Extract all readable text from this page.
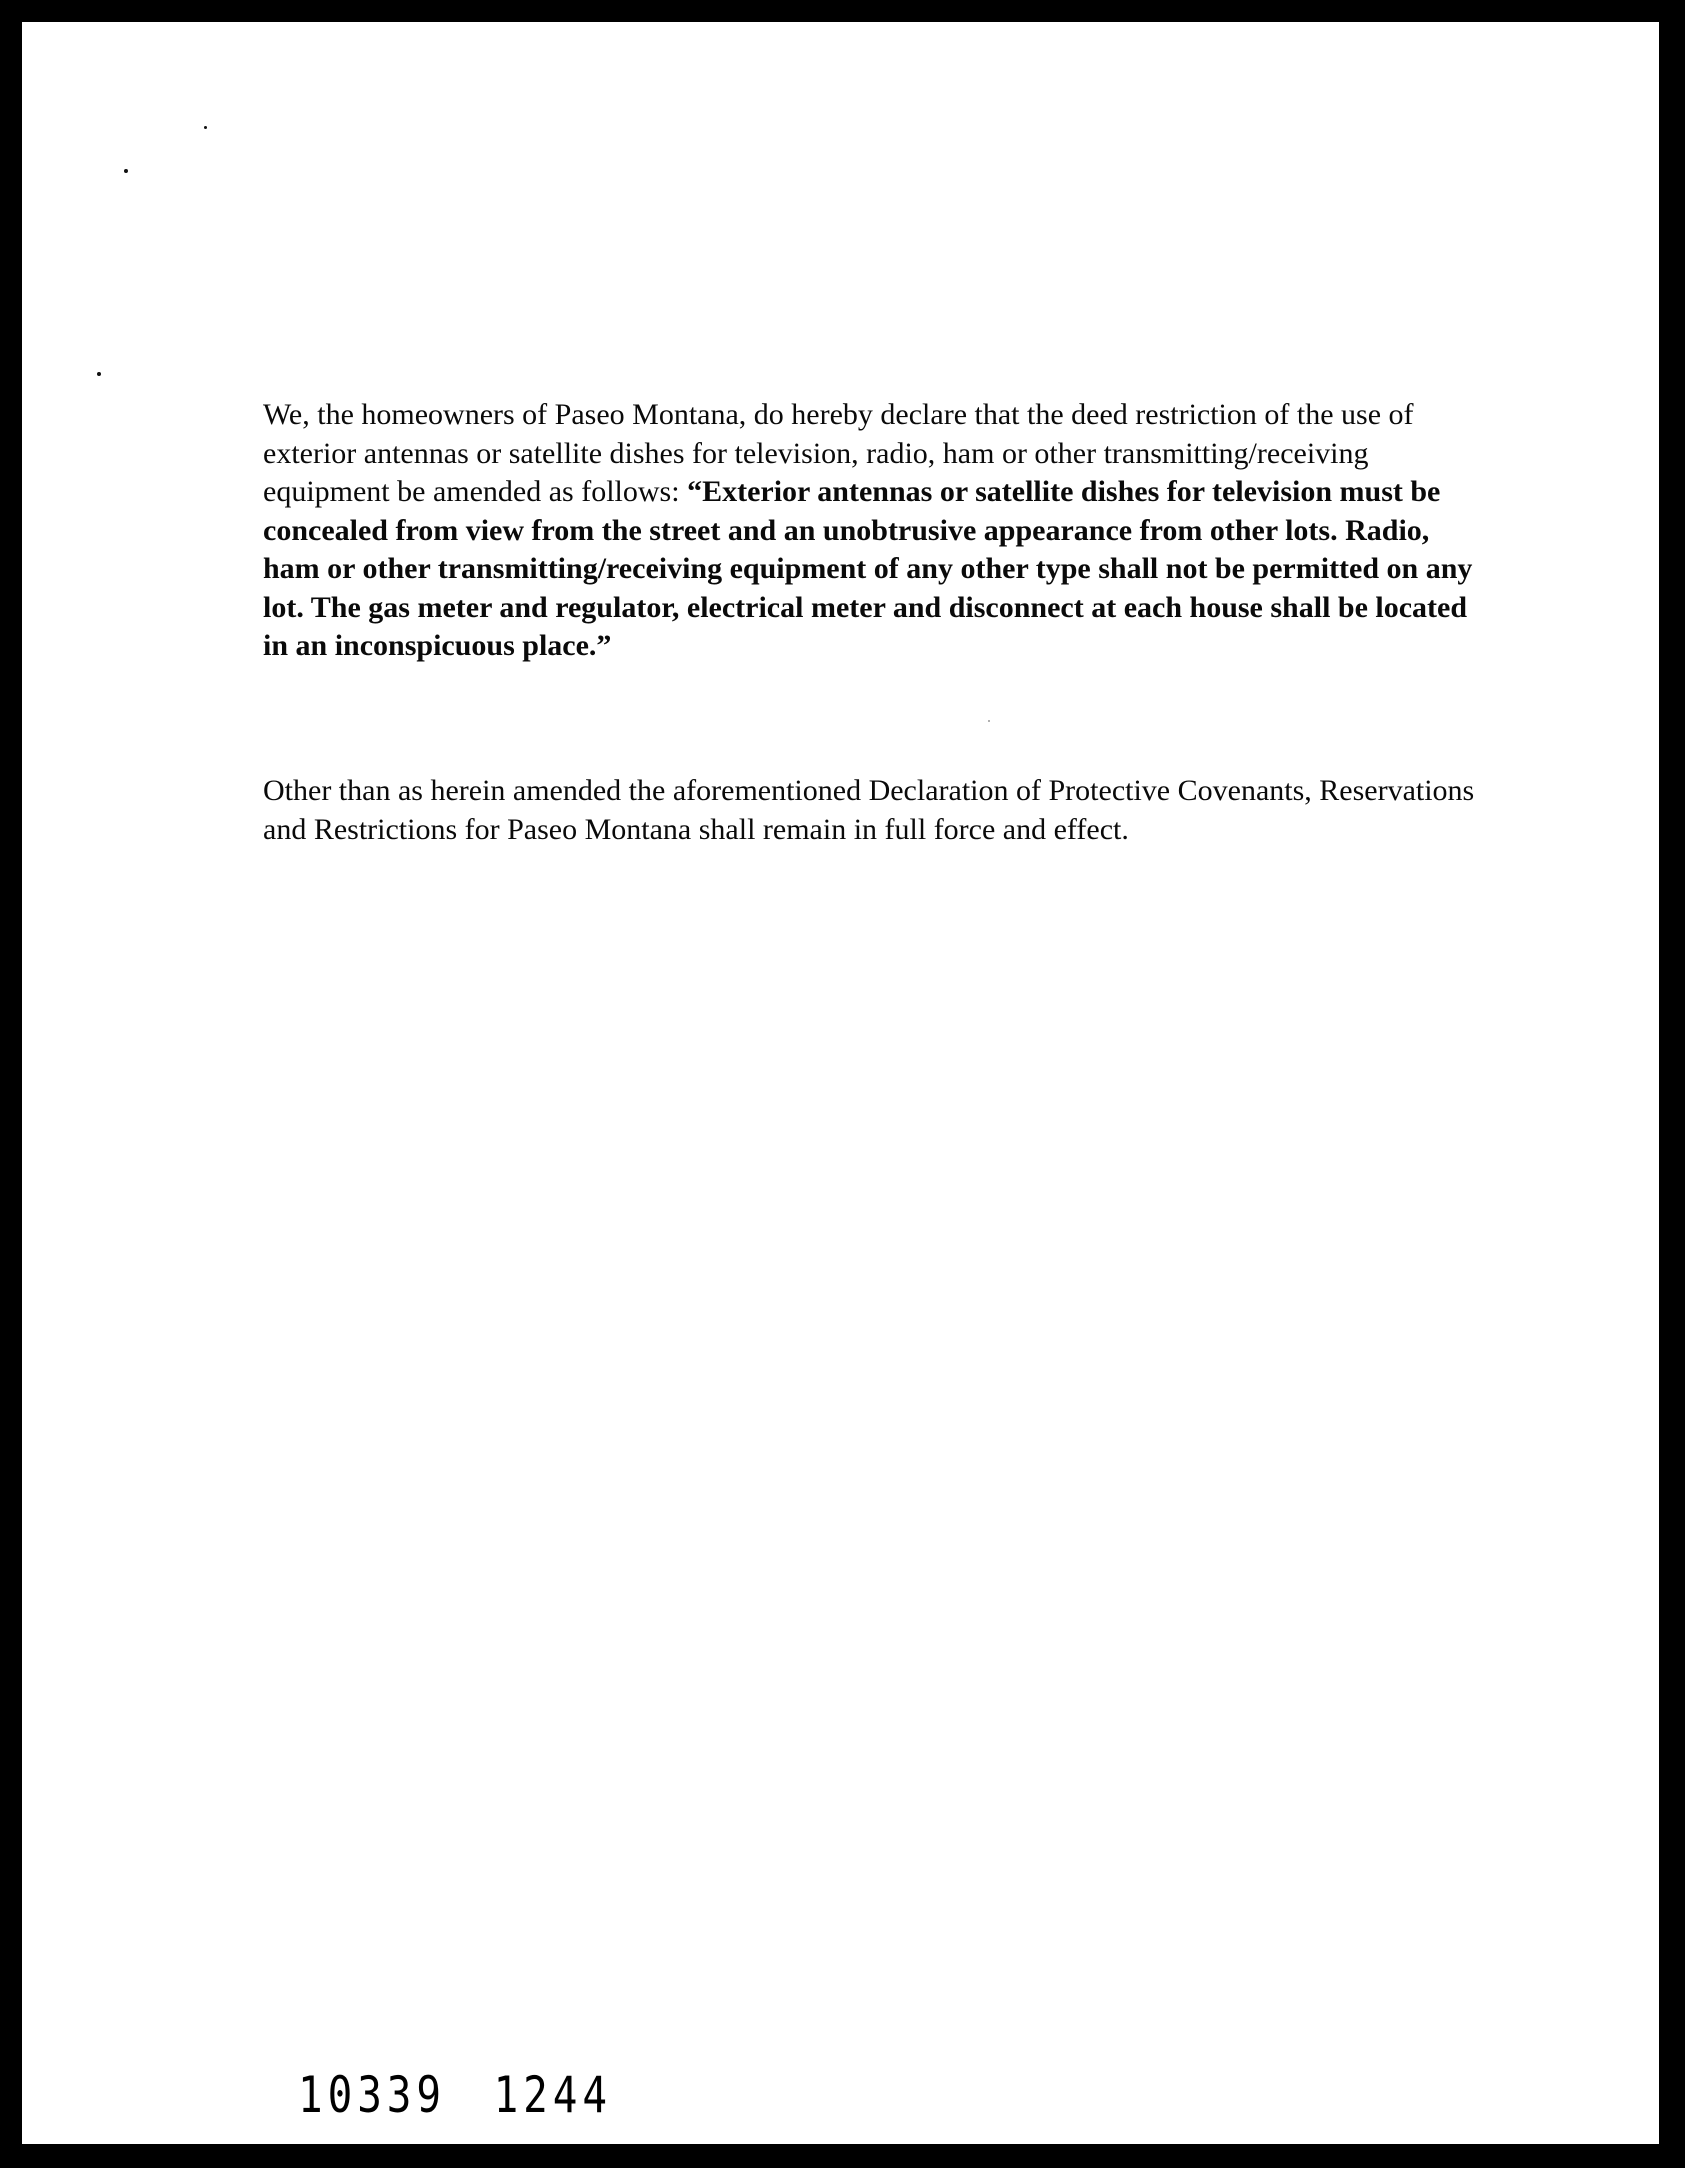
We, the homeowners of Paseo Montana, do hereby declare that the deed restriction of the use of exterior antennas or satellite dishes for television, radio, ham or other transmitting/receiving equipment be amended as follows: “Exterior antennas or satellite dishes for television must be concealed from view from the street and an unobtrusive appearance from other lots. Radio, ham or other transmitting/receiving equipment of any other type shall not be permitted on any lot. The gas meter and regulator, electrical meter and disconnect at each house shall be located in an inconspicuous place.”

Other than as herein amended the aforementioned Declaration of Protective Covenants, Reservations and Restrictions for Paseo Montana shall remain in full force and effect.

10339 1244
